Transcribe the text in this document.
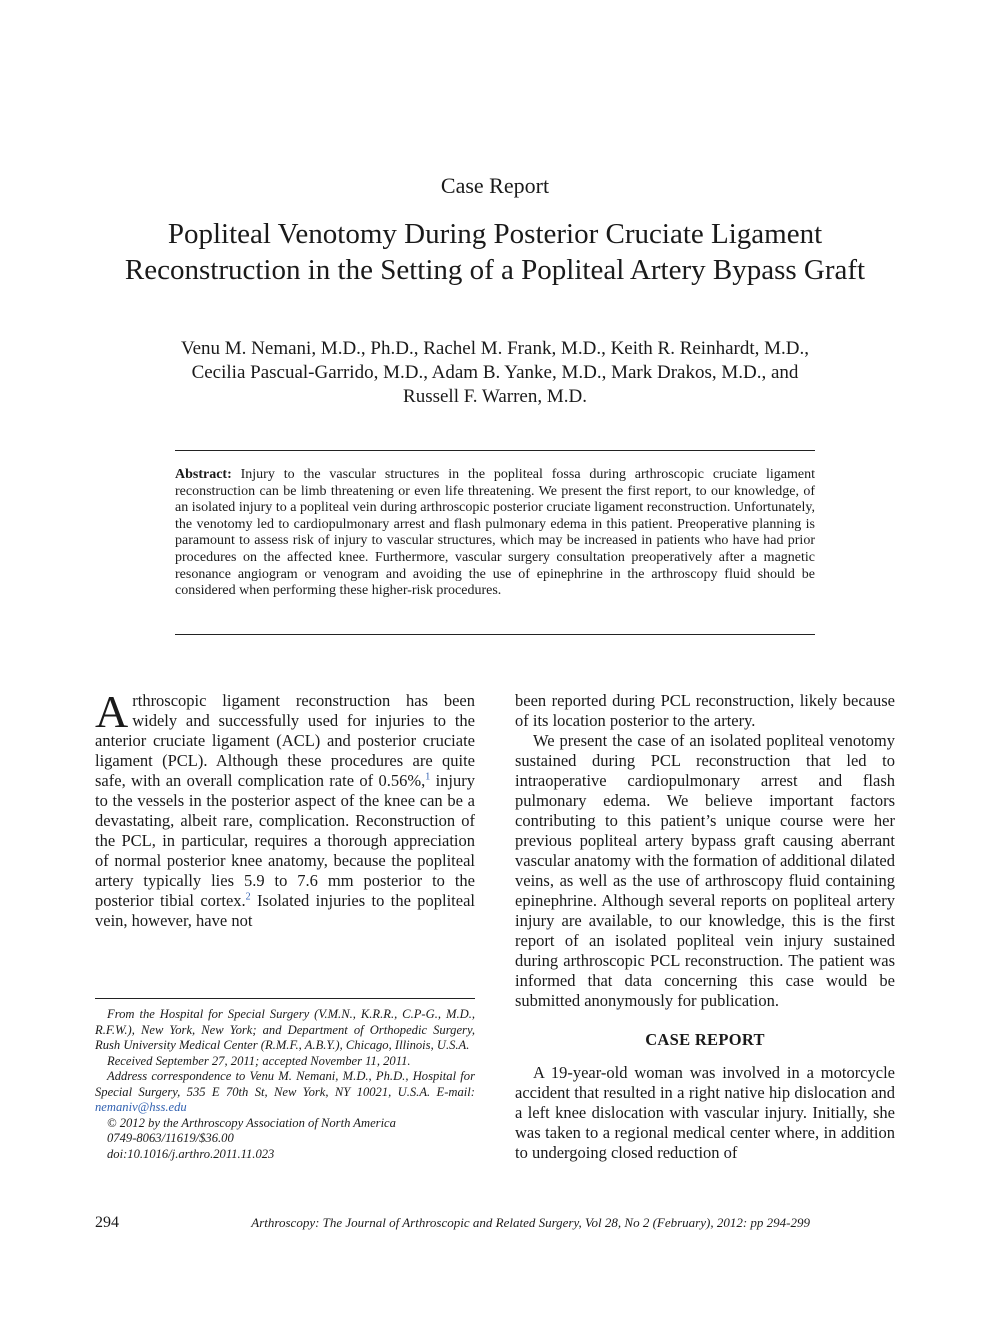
Case Report
Popliteal Venotomy During Posterior Cruciate Ligament
Reconstruction in the Setting of a Popliteal Artery Bypass Graft
Venu M. Nemani, M.D., Ph.D., Rachel M. Frank, M.D., Keith R. Reinhardt, M.D.,
Cecilia Pascual-Garrido, M.D., Adam B. Yanke, M.D., Mark Drakos, M.D., and
Russell F. Warren, M.D.
Abstract: Injury to the vascular structures in the popliteal fossa during arthroscopic cruciate ligament reconstruction can be limb threatening or even life threatening. We present the first report, to our knowledge, of an isolated injury to a popliteal vein during arthroscopic posterior cruciate ligament reconstruction. Unfortunately, the venotomy led to cardiopulmonary arrest and flash pulmonary edema in this patient. Preoperative planning is paramount to assess risk of injury to vascular structures, which may be increased in patients who have had prior procedures on the affected knee. Furthermore, vascular surgery consultation preoperatively after a magnetic resonance angiogram or venogram and avoiding the use of epinephrine in the arthroscopy fluid should be considered when performing these higher-risk procedures.

Arthroscopic ligament reconstruction has been widely and successfully used for injuries to the anterior cruciate ligament (ACL) and posterior cruciate ligament (PCL). Although these procedures are quite safe, with an overall complication rate of 0.56%,$^1$ injury to the vessels in the posterior aspect of the knee can be a devastating, albeit rare, complication. Reconstruction of the PCL, in particular, requires a thorough appreciation of normal posterior knee anatomy, because the popliteal artery typically lies 5.9 to 7.6 mm posterior to the posterior tibial cortex.$^2$ Isolated injuries to the popliteal vein, however, have not

been reported during PCL reconstruction, likely because of its location posterior to the artery.

We present the case of an isolated popliteal venotomy sustained during PCL reconstruction that led to intraoperative cardiopulmonary arrest and flash pulmonary edema. We believe important factors contributing to this patient’s unique course were her previous popliteal artery bypass graft causing aberrant vascular anatomy with the formation of additional dilated veins, as well as the use of arthroscopy fluid containing epinephrine. Although several reports on popliteal artery injury are available, to our knowledge, this is the first report of an isolated popliteal vein injury sustained during arthroscopic PCL reconstruction. The patient was informed that data concerning this case would be submitted anonymously for publication.

CASE REPORT

A 19-year-old woman was involved in a motorcycle accident that resulted in a right native hip dislocation and a left knee dislocation with vascular injury. Initially, she was taken to a regional medical center where, in addition to undergoing closed reduction of

From the Hospital for Special Surgery (V.M.N., K.R.R., C.P-G., M.D., R.F.W.), New York, New York; and Department of Orthopedic Surgery, Rush University Medical Center (R.M.F., A.B.Y.), Chicago, Illinois, U.S.A.

Received September 27, 2011; accepted November 11, 2011.

Address correspondence to Venu M. Nemani, M.D., Ph.D., Hospital for Special Surgery, 535 E 70th St, New York, NY 10021, U.S.A. E-mail: nemaniv@hss.edu

© 2012 by the Arthroscopy Association of North America

0749-8063/11619/$36.00

doi:10.1016/j.arthro.2011.11.023

294	Arthroscopy: The Journal of Arthroscopic and Related Surgery, Vol 28, No 2 (February), 2012: pp 294-299
